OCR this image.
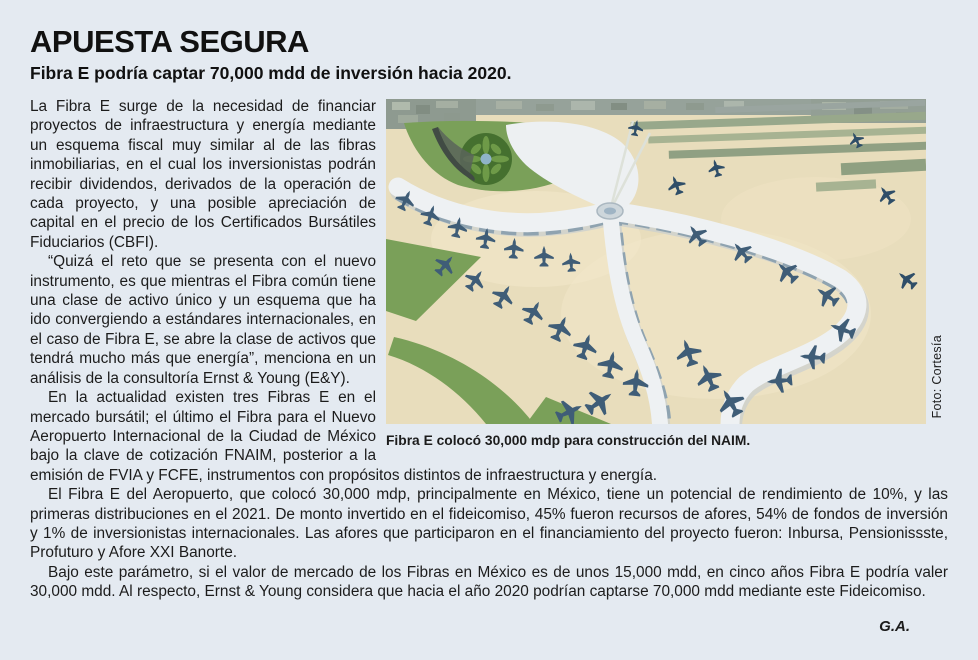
APUESTA SEGURA
Fibra E podría captar 70,000 mdd de inversión hacia 2020.
Foto: Cortesía
Fibra E colocó 30,000 mdp para construcción del NAIM.

La Fibra E surge de la necesidad de financiar proyectos de infraestructura y energía mediante un esquema fiscal muy similar al de las fibras inmobiliarias, en el cual los inversionistas podrán recibir dividendos, derivados de la operación de cada proyecto, y una posible apreciación de capital en el precio de los Certificados Bursátiles Fiduciarios (CBFI).

“Quizá el reto que se presenta con el nuevo instrumento, es que mientras el Fibra común tiene una clase de activo único y un esquema que ha ido convergiendo a estándares internacionales, en el caso de Fibra E, se abre la clase de activos que tendrá mucho más que energía”, menciona en un análisis de la consultoría Ernst & Young (E&Y).

En la actualidad existen tres Fibras E en el mercado bursátil; el último el Fibra para el Nuevo Aeropuerto Internacional de la Ciudad de México bajo la clave de cotización FNAIM, posterior a la emisión de FVIA y FCFE, instrumentos con propósitos distintos de infraestructura y energía.

El Fibra E del Aeropuerto, que colocó 30,000 mdp, principalmente en México, tiene un potencial de rendimiento de 10%, y las primeras distribuciones en el 2021. De monto invertido en el fideicomiso, 45% fueron recursos de afores, 54% de fondos de inversión y 1% de inversionistas internacionales. Las afores que participaron en el financiamiento del proyecto fueron: Inbursa, Pensionissste, Profuturo y Afore XXI Banorte.

Bajo este parámetro, si el valor de mercado de los Fibras en México es de unos 15,000 mdd, en cinco años Fibra E podría valer 30,000 mdd. Al respecto, Ernst & Young considera que hacia el año 2020 podrían captarse 70,000 mdd mediante este Fideicomiso.

G.A.
